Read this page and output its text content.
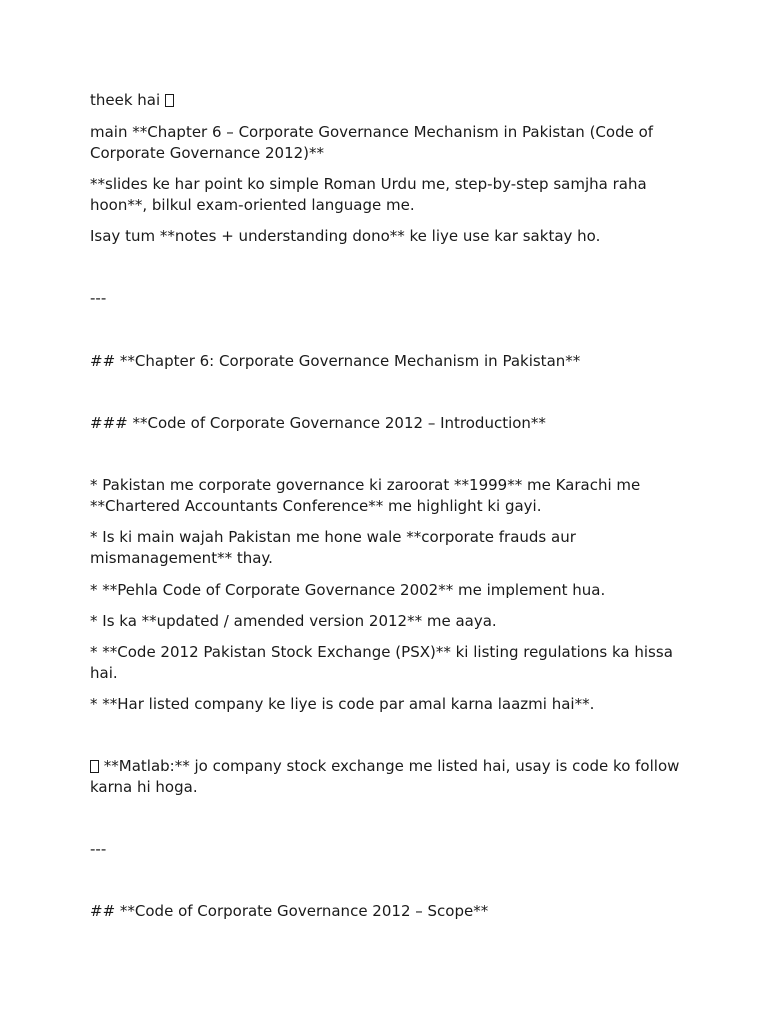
theek hai

main **Chapter 6 – Corporate Governance Mechanism in Pakistan (Code of Corporate Governance 2012)**

**slides ke har point ko simple Roman Urdu me, step-by-step samjha raha hoon**, bilkul exam-oriented language me.

Isay tum **notes + understanding dono** ke liye use kar saktay ho.

---

## **Chapter 6: Corporate Governance Mechanism in Pakistan**

### **Code of Corporate Governance 2012 – Introduction**

* Pakistan me corporate governance ki zaroorat **1999** me Karachi me **Chartered Accountants Conference** me highlight ki gayi.

* Is ki main wajah Pakistan me hone wale **corporate frauds aur mismanagement** thay.

* **Pehla Code of Corporate Governance 2002** me implement hua.

* Is ka **updated / amended version 2012** me aaya.

* **Code 2012 Pakistan Stock Exchange (PSX)** ki listing regulations ka hissa hai.

* **Har listed company ke liye is code par amal karna laazmi hai**.

**Matlab:** jo company stock exchange me listed hai, usay is code ko follow karna hi hoga.

---

## **Code of Corporate Governance 2012 – Scope**
